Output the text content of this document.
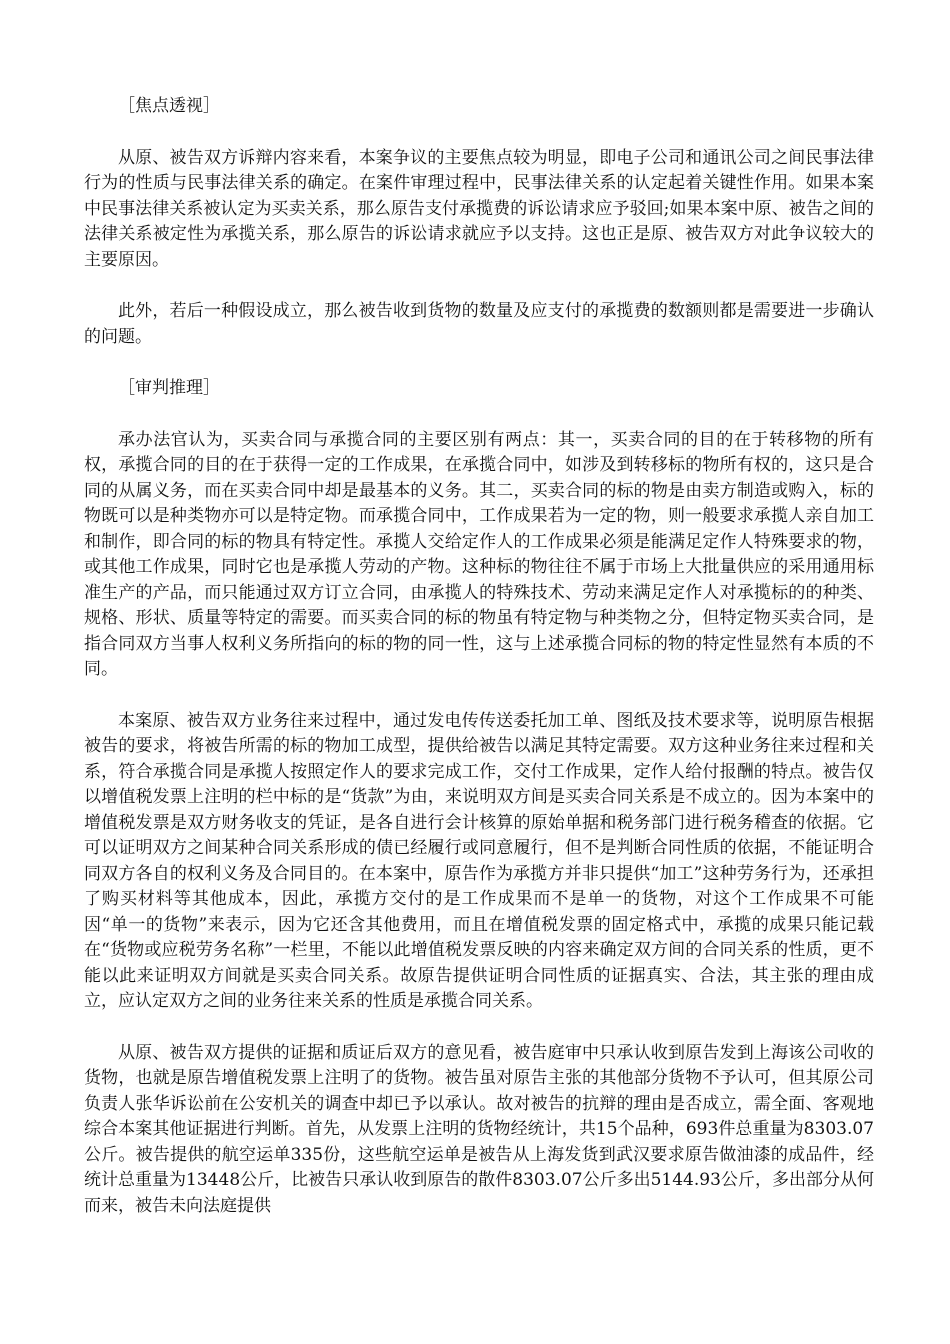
［焦点透视］

从原、被告双方诉辩内容来看，本案争议的主要焦点较为明显，即电子公司和通讯公司之间民事法律行为的性质与民事法律关系的确定。在案件审理过程中，民事法律关系的认定起着关键性作用。如果本案中民事法律关系被认定为买卖关系，那么原告支付承揽费的诉讼请求应予驳回;如果本案中原、被告之间的法律关系被定性为承揽关系，那么原告的诉讼请求就应予以支持。这也正是原、被告双方对此争议较大的主要原因。

此外，若后一种假设成立，那么被告收到货物的数量及应支付的承揽费的数额则都是需要进一步确认的问题。

［审判推理］

承办法官认为，买卖合同与承揽合同的主要区别有两点：其一，买卖合同的目的在于转移物的所有权，承揽合同的目的在于获得一定的工作成果，在承揽合同中，如涉及到转移标的物所有权的，这只是合同的从属义务，而在买卖合同中却是最基本的义务。其二，买卖合同的标的物是由卖方制造或购入，标的物既可以是种类物亦可以是特定物。而承揽合同中，工作成果若为一定的物，则一般要求承揽人亲自加工和制作，即合同的标的物具有特定性。承揽人交给定作人的工作成果必须是能满足定作人特殊要求的物，或其他工作成果，同时它也是承揽人劳动的产物。这种标的物往往不属于市场上大批量供应的采用通用标准生产的产品，而只能通过双方订立合同，由承揽人的特殊技术、劳动来满足定作人对承揽标的的种类、规格、形状、质量等特定的需要。而买卖合同的标的物虽有特定物与种类物之分，但特定物买卖合同，是指合同双方当事人权利义务所指向的标的物的同一性，这与上述承揽合同标的物的特定性显然有本质的不同。

本案原、被告双方业务往来过程中，通过发电传传送委托加工单、图纸及技术要求等，说明原告根据被告的要求，将被告所需的标的物加工成型，提供给被告以满足其特定需要。双方这种业务往来过程和关系，符合承揽合同是承揽人按照定作人的要求完成工作，交付工作成果，定作人给付报酬的特点。被告仅以增值税发票上注明的栏中标的是“货款”为由，来说明双方间是买卖合同关系是不成立的。因为本案中的增值税发票是双方财务收支的凭证，是各自进行会计核算的原始单据和税务部门进行税务稽查的依据。它可以证明双方之间某种合同关系形成的债已经履行或同意履行，但不是判断合同性质的依据，不能证明合同双方各自的权利义务及合同目的。在本案中，原告作为承揽方并非只提供“加工”这种劳务行为，还承担了购买材料等其他成本，因此，承揽方交付的是工作成果而不是单一的货物，对这个工作成果不可能因“单一的货物”来表示，因为它还含其他费用，而且在增值税发票的固定格式中，承揽的成果只能记载在“货物或应税劳务名称”一栏里，不能以此增值税发票反映的内容来确定双方间的合同关系的性质，更不能以此来证明双方间就是买卖合同关系。故原告提供证明合同性质的证据真实、合法，其主张的理由成立，应认定双方之间的业务往来关系的性质是承揽合同关系。

从原、被告双方提供的证据和质证后双方的意见看，被告庭审中只承认收到原告发到上海该公司收的货物，也就是原告增值税发票上注明了的货物。被告虽对原告主张的其他部分货物不予认可，但其原公司负责人张华诉讼前在公安机关的调查中却已予以承认。故对被告的抗辩的理由是否成立，需全面、客观地综合本案其他证据进行判断。首先，从发票上注明的货物经统计，共15个品种，693件总重量为8303.07公斤。被告提供的航空运单335份，这些航空运单是被告从上海发货到武汉要求原告做油漆的成品件，经统计总重量为13448公斤，比被告只承认收到原告的散件8303.07公斤多出5144.93公斤，多出部分从何而来，被告未向法庭提供
